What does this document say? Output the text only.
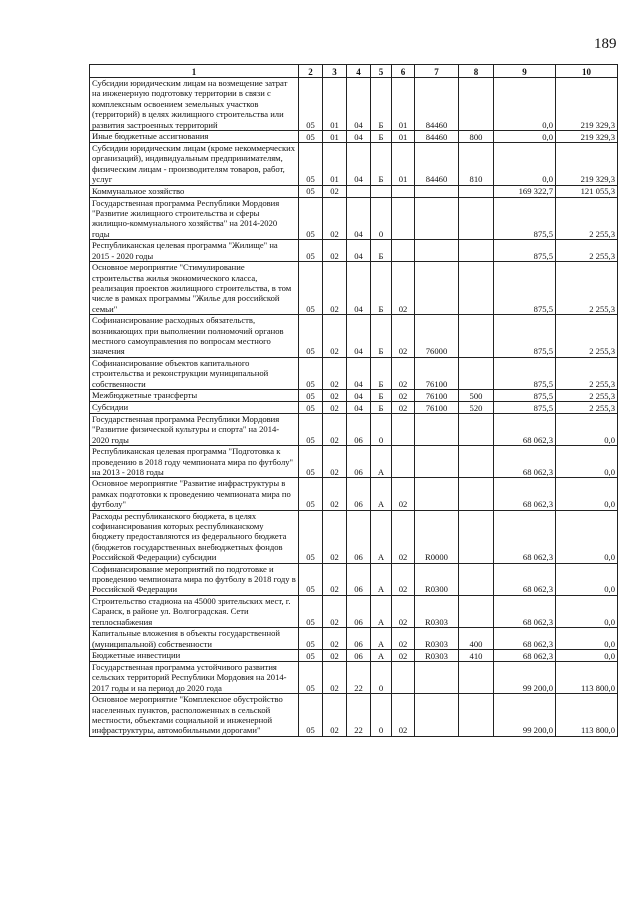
189
1	2	3	4	5	6	7	8	9	10
Субсидии юридическим лицам на возмещение затрат на инженерную подготовку территории в связи с комплексным освоением земельных участков (территорий) в целях жилищного строительства или развития застроенных территорий	05	01	04	Б	01	84460		0,0	219 329,3
Иные бюджетные ассигнования	05	01	04	Б	01	84460	800	0,0	219 329,3
Субсидии юридическим лицам (кроме некоммерческих организаций), индивидуальным предпринимателям, физическим лицам - производителям товаров, работ, услуг	05	01	04	Б	01	84460	810	0,0	219 329,3
Коммунальное хозяйство	05	02						169 322,7	121 055,3
Государственная программа Республики Мордовия "Развитие жилищного строительства и сферы жилищно-коммунального хозяйства" на 2014-2020 годы	05	02	04	0				875,5	2 255,3
Республиканская целевая программа "Жилище" на 2015 - 2020 годы	05	02	04	Б				875,5	2 255,3
Основное мероприятие "Стимулирование строительства жилья экономического класса, реализация проектов жилищного строительства, в том числе в рамках программы "Жилье для российской семьи"	05	02	04	Б	02			875,5	2 255,3
Софинансирование расходных обязательств, возникающих при выполнении полномочий органов местного самоуправления по вопросам местного значения	05	02	04	Б	02	76000		875,5	2 255,3
Софинансирование объектов капитального строительства и реконструкции муниципальной собственности	05	02	04	Б	02	76100		875,5	2 255,3
Межбюджетные трансферты	05	02	04	Б	02	76100	500	875,5	2 255,3
Субсидии	05	02	04	Б	02	76100	520	875,5	2 255,3
Государственная программа Республики Мордовия "Развитие физической культуры и спорта" на 2014-2020 годы	05	02	06	0				68 062,3	0,0
Республиканская целевая программа "Подготовка к проведению в 2018 году чемпионата мира по футболу" на 2013 - 2018 годы	05	02	06	А				68 062,3	0,0
Основное мероприятие "Развитие инфраструктуры в рамках подготовки к проведению чемпионата мира по футболу"	05	02	06	А	02			68 062,3	0,0
Расходы республиканского бюджета, в целях софинансирования которых республиканскому бюджету предоставляются из федерального бюджета (бюджетов государственных внебюджетных фондов Российской Федерации) субсидии	05	02	06	А	02	R0000		68 062,3	0,0
Софинансирование мероприятий по подготовке и проведению чемпионата мира по футболу в 2018 году в Российской Федерации	05	02	06	А	02	R0300		68 062,3	0,0
Строительство стадиона на 45000 зрительских мест, г. Саранск, в районе ул. Волгоградская. Сети теплоснабжения	05	02	06	А	02	R0303		68 062,3	0,0
Капитальные вложения в объекты государственной (муниципальной) собственности	05	02	06	А	02	R0303	400	68 062,3	0,0
Бюджетные инвестиции	05	02	06	А	02	R0303	410	68 062,3	0,0
Государственная программа устойчивого развития сельских территорий Республики Мордовия на 2014-2017 годы и на период до 2020 года	05	02	22	0				99 200,0	113 800,0
Основное мероприятие "Комплексное обустройство населенных пунктов, расположенных в сельской местности, объектами социальной и инженерной инфраструктуры, автомобильными дорогами"	05	02	22	0	02			99 200,0	113 800,0
